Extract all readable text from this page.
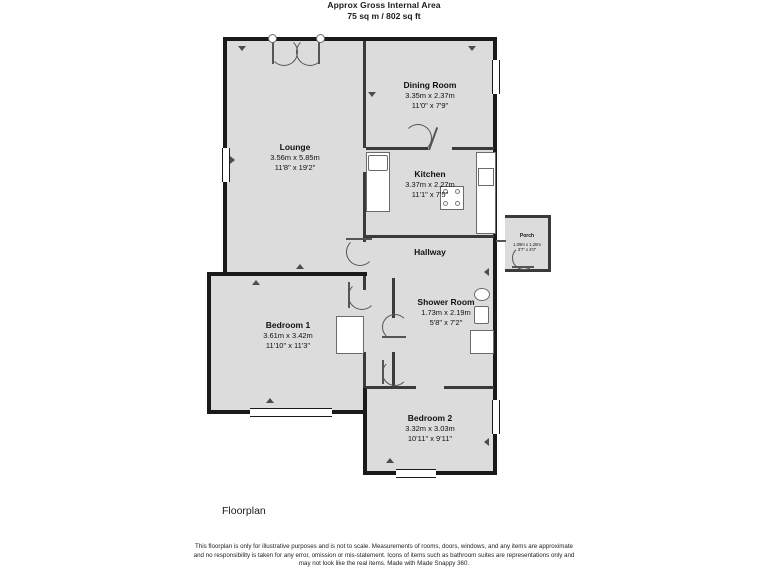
Approx Gross Internal Area
75 sq m / 802 sq ft
Lounge
3.56m x 5.85m
11'8" x 19'2"
Dining Room
3.35m x 2.37m
11'0" x 7'9"
Kitchen
3.37m x 2.27m
11'1" x 7'5"
Hallway
Porch
1.09m x 1.20m
3'7" x 4'0"
Shower Room
1.73m x 2.19m
5'8" x 7'2"
Bedroom 1
3.61m x 3.42m
11'10" x 11'3"
Bedroom 2
3.32m x 3.03m
10'11" x 9'11"
Floorplan
This floorplan is only for illustrative purposes and is not to scale. Measurements of rooms, doors, windows, and any items are approximate
and no responsibility is taken for any error, omission or mis-statement. Icons of items such as bathroom suites are representations only and
may not look like the real items. Made with Made Snappy 360.
